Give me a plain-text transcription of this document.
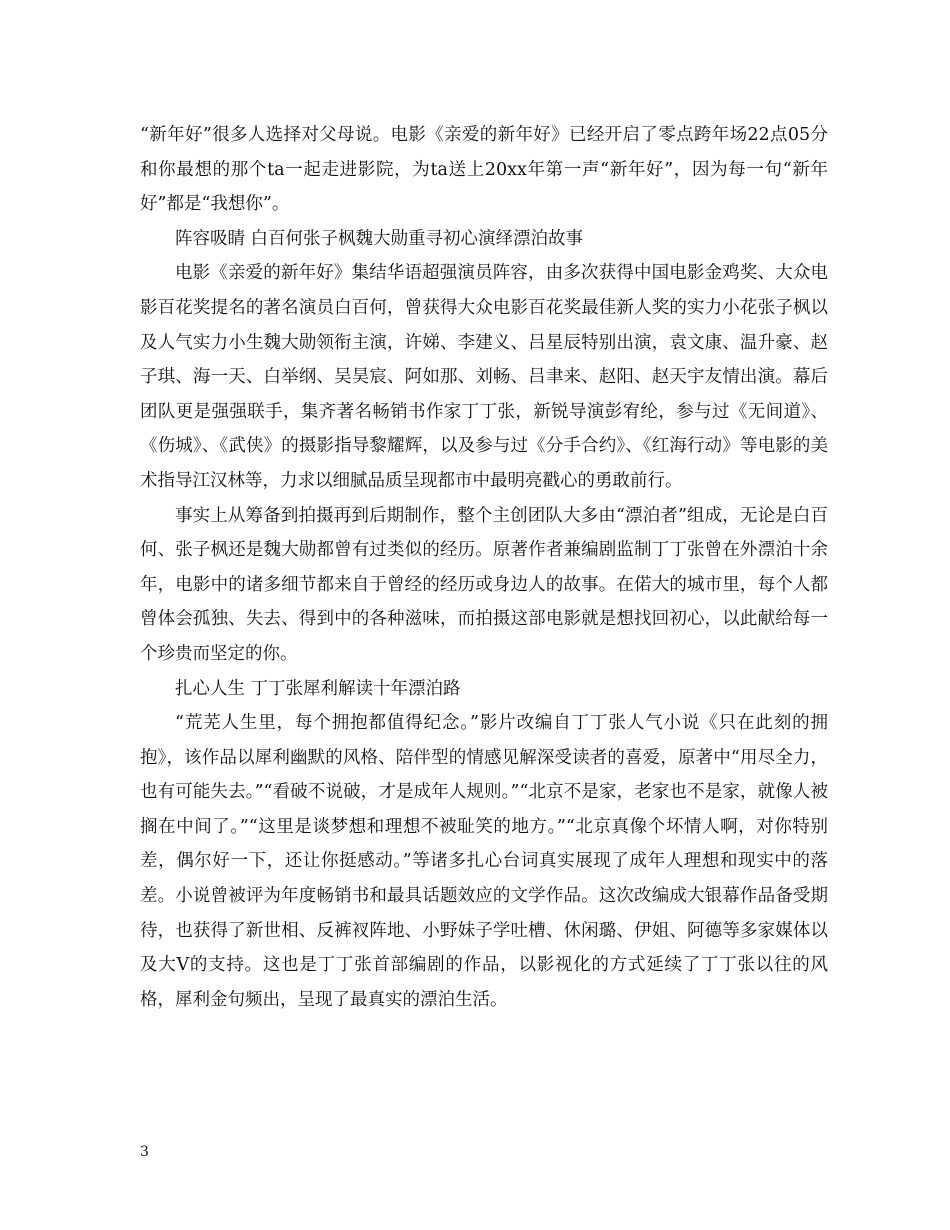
“新年好”很多人选择对父母说。电影《亲爱的新年好》已经开启了零点跨年场22点05分和你最想的那个ta一起走进影院，为ta送上20xx年第一声“新年好”，因为每一句“新年好”都是“我想你”。

阵容吸睛 白百何张子枫魏大勋重寻初心演绎漂泊故事

电影《亲爱的新年好》集结华语超强演员阵容，由多次获得中国电影金鸡奖、大众电影百花奖提名的著名演员白百何，曾获得大众电影百花奖最佳新人奖的实力小花张子枫以及人气实力小生魏大勋领衔主演，许娣、李建义、吕星辰特别出演，袁文康、温升豪、赵子琪、海一天、白举纲、吴昊宸、阿如那、刘畅、吕聿来、赵阳、赵天宇友情出演。幕后团队更是强强联手，集齐著名畅销书作家丁丁张，新锐导演彭宥纶，参与过《无间道》、《伤城》、《武侠》的摄影指导黎耀辉，以及参与过《分手合约》、《红海行动》等电影的美术指导江汉林等，力求以细腻品质呈现都市中最明亮戳心的勇敢前行。

事实上从筹备到拍摄再到后期制作，整个主创团队大多由“漂泊者”组成，无论是白百何、张子枫还是魏大勋都曾有过类似的经历。原著作者兼编剧监制丁丁张曾在外漂泊十余年，电影中的诸多细节都来自于曾经的经历或身边人的故事。在偌大的城市里，每个人都曾体会孤独、失去、得到中的各种滋味，而拍摄这部电影就是想找回初心，以此献给每一个珍贵而坚定的你。

扎心人生 丁丁张犀利解读十年漂泊路

“荒芜人生里，每个拥抱都值得纪念。”影片改编自丁丁张人气小说《只在此刻的拥抱》，该作品以犀利幽默的风格、陪伴型的情感见解深受读者的喜爱，原著中“用尽全力，也有可能失去。”“看破不说破，才是成年人规则。”“北京不是家，老家也不是家，就像人被搁在中间了。”“这里是谈梦想和理想不被耻笑的地方。”“北京真像个坏情人啊，对你特别差，偶尔好一下，还让你挺感动。”等诸多扎心台词真实展现了成年人理想和现实中的落差。小说曾被评为年度畅销书和最具话题效应的文学作品。这次改编成大银幕作品备受期待，也获得了新世相、反裤衩阵地、小野妹子学吐槽、休闲璐、伊姐、阿德等多家媒体以及大V的支持。这也是丁丁张首部编剧的作品，以影视化的方式延续了丁丁张以往的风格，犀利金句频出，呈现了最真实的漂泊生活。

3
